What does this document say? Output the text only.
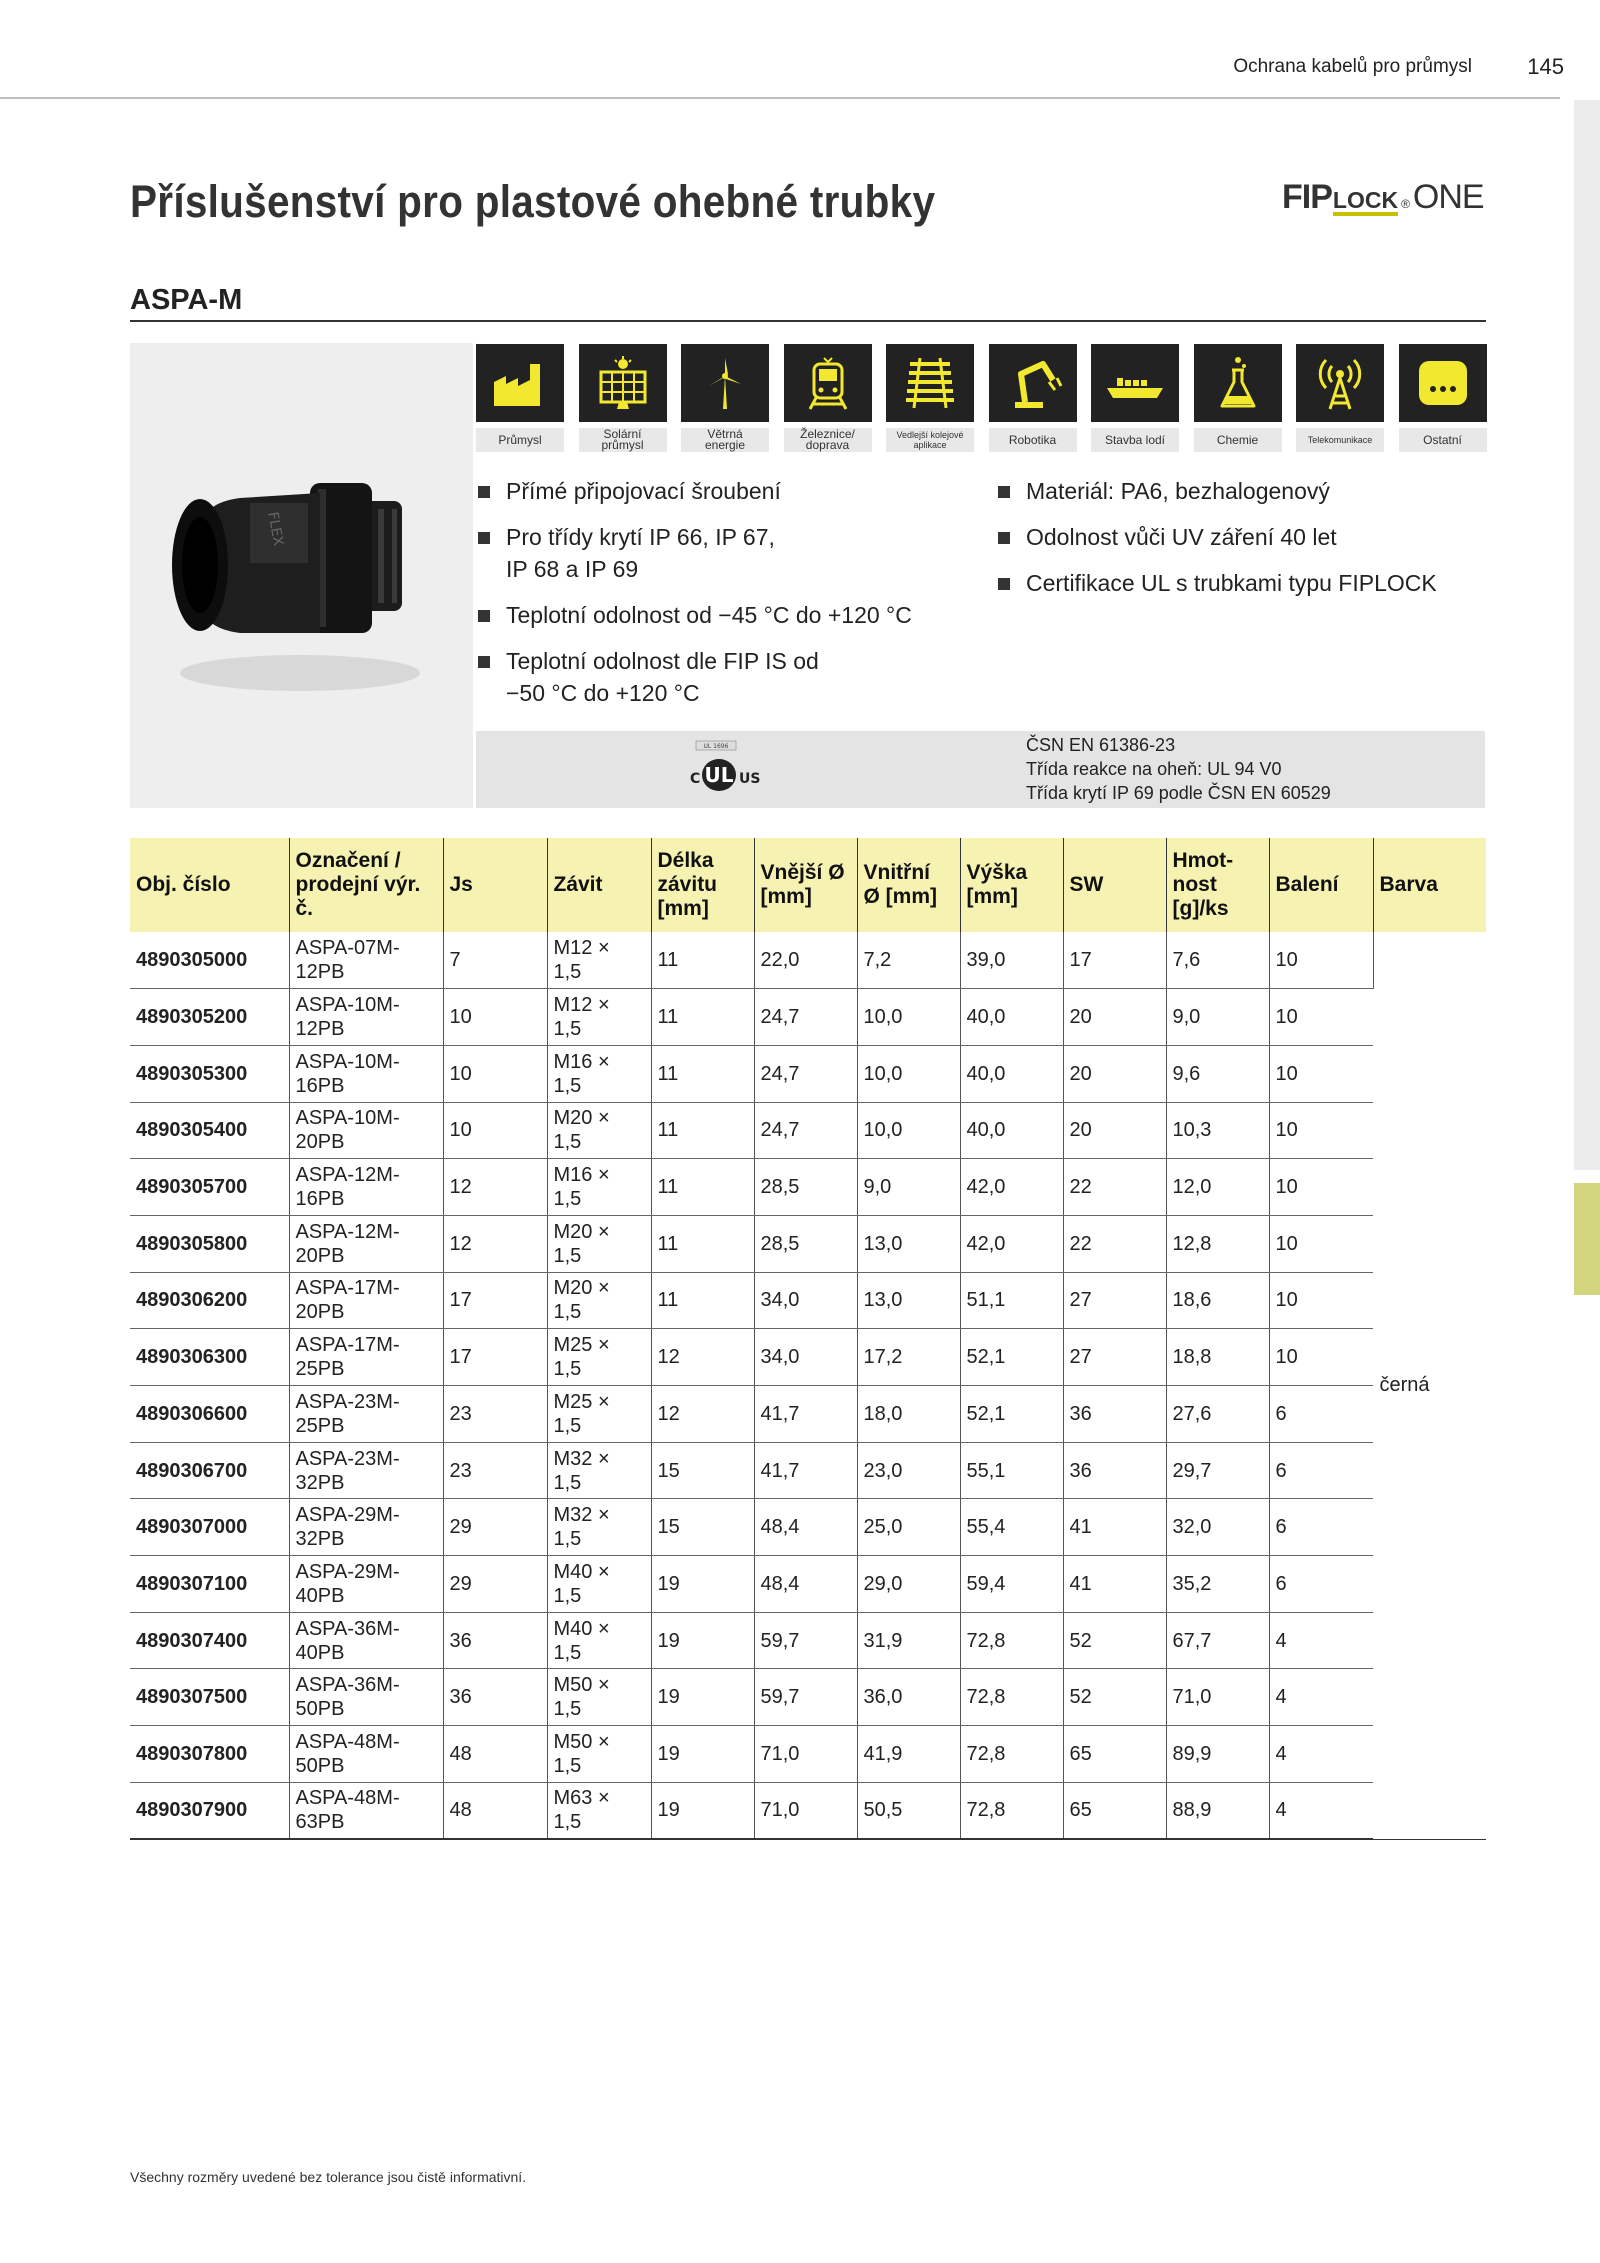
Ochrana kabelů pro průmysl	145
Příslušenství pro plastové ohebné trubky	FIP LOCK ® ONE
ASPA-M
FLEX
Průmysl	Solární
průmysl
Větrná
energie
Železnice/
doprava
Vedlejší kolejové
aplikace	Robotika	Stavba lodí	Chemie	Telekomunikace	Ostatní
Přímé připojovací šroubení
Pro třídy krytí IP 66, IP 67,
IP 68 a IP 69
Teplotní odolnost od −45 °C do +120 °C
Teplotní odolnost dle FIP IS od
−50 °C do +120 °C
Materiál: PA6, bezhalogenový
Odolnost vůči UV záření 40 let
Certifikace UL s trubkami typu FIPLOCK
UL 1696
UL
C	US
ČSN EN 61386-23
Třída reakce na oheň: UL 94 V0
Třída krytí IP 69 podle ČSN EN 60529
Obj. číslo	Označení /
prodejní výr. č.	Js	Závit	Délka
závitu
[mm]	Vnější Ø
[mm]	Vnitřní
Ø [mm]	Výška
[mm]	SW	Hmot-
nost
[g]/ks	Balení	Barva
4890305000	ASPA-07M-
12PB	7	M12 ×
1,5	11	22,0	7,2	39,0	17	7,6	10	černá
4890305200	ASPA-10M-
12PB	10	M12 ×
1,5	11	24,7	10,0	40,0	20	9,0	10	
4890305300	ASPA-10M-
16PB	10	M16 ×
1,5	11	24,7	10,0	40,0	20	9,6	10	
4890305400	ASPA-10M-
20PB	10	M20 ×
1,5	11	24,7	10,0	40,0	20	10,3	10	
4890305700	ASPA-12M-
16PB	12	M16 ×
1,5	11	28,5	9,0	42,0	22	12,0	10	
4890305800	ASPA-12M-
20PB	12	M20 ×
1,5	11	28,5	13,0	42,0	22	12,8	10	
4890306200	ASPA-17M-
20PB	17	M20 ×
1,5	11	34,0	13,0	51,1	27	18,6	10	
4890306300	ASPA-17M-
25PB	17	M25 ×
1,5	12	34,0	17,2	52,1	27	18,8	10	
4890306600	ASPA-23M-
25PB	23	M25 ×
1,5	12	41,7	18,0	52,1	36	27,6	6	
4890306700	ASPA-23M-
32PB	23	M32 ×
1,5	15	41,7	23,0	55,1	36	29,7	6	
4890307000	ASPA-29M-
32PB	29	M32 ×
1,5	15	48,4	25,0	55,4	41	32,0	6	
4890307100	ASPA-29M-
40PB	29	M40 ×
1,5	19	48,4	29,0	59,4	41	35,2	6	
4890307400	ASPA-36M-
40PB	36	M40 ×
1,5	19	59,7	31,9	72,8	52	67,7	4	
4890307500	ASPA-36M-
50PB	36	M50 ×
1,5	19	59,7	36,0	72,8	52	71,0	4	
4890307800	ASPA-48M-
50PB	48	M50 ×
1,5	19	71,0	41,9	72,8	65	89,9	4	
4890307900	ASPA-48M-
63PB	48	M63 ×
1,5	19	71,0	50,5	72,8	65	88,9	4	
Všechny rozměry uvedené bez tolerance jsou čistě informativní.
